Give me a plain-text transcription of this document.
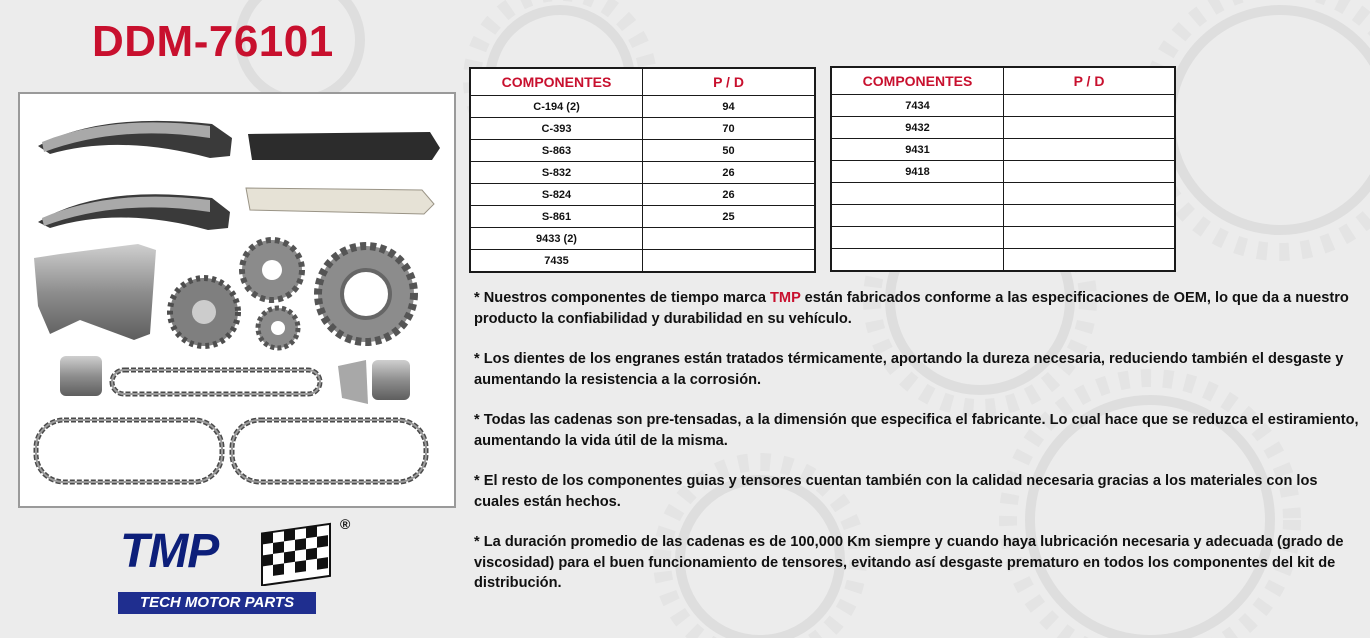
DDM-76101
COMPONENTES	P / D
C-194 (2)	94
C-393	70
S-863	50
S-832	26
S-824	26
S-861	25
9433 (2)	
7435	
COMPONENTES	P / D
7434	
9432	
9431	
9418	

* Nuestros componentes de tiempo marca TMP están fabricados conforme a las especificaciones de OEM, lo que da a nuestro producto la confiabilidad y durabilidad en su vehículo.

* Los dientes de los engranes están tratados térmicamente, aportando la dureza necesaria, reduciendo también el desgaste y aumentando la resistencia a la corrosión.

* Todas las cadenas son pre-tensadas, a la dimensión que especifica el fabricante. Lo cual hace que se reduzca el estiramiento, aumentando la vida útil de la misma.

* El resto de los componentes guias y tensores cuentan también con la calidad necesaria gracias a los materiales con los cuales están hechos.

* La duración promedio de las cadenas es de 100,000 Km siempre y cuando haya lubricación necesaria y adecuada (grado de viscosidad) para el buen funcionamiento de tensores, evitando así desgaste prematuro en todos los componentes del kit de distribución.

TMP
®
TECH MOTOR PARTS
